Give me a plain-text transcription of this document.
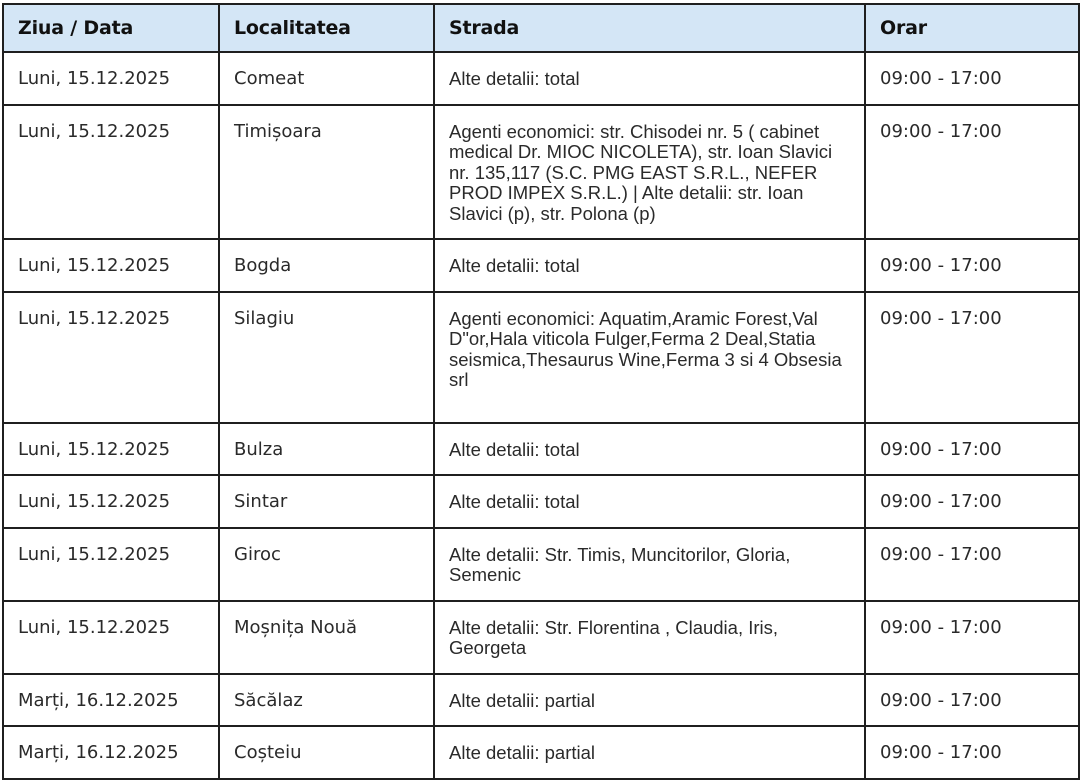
Ziua / Data	Localitatea	Strada	Orar
Luni, 15.12.2025	Comeat	Alte detalii: total	09:00 - 17:00
Luni, 15.12.2025	Timișoara	Agenti economici: str. Chisodei nr. 5 ( cabinet medical Dr. MIOC NICOLETA), str. Ioan Slavici nr. 135,117 (S.C. PMG EAST S.R.L., NEFER PROD IMPEX S.R.L.) | Alte detalii: str. Ioan Slavici (p), str. Polona (p)	09:00 - 17:00
Luni, 15.12.2025	Bogda	Alte detalii: total	09:00 - 17:00
Luni, 15.12.2025	Silagiu	Agenti economici: Aquatim,Aramic Forest,Val D"or,Hala viticola Fulger,Ferma 2 Deal,Statia seismica,Thesaurus Wine,Ferma 3 si 4 Obsesia srl	09:00 - 17:00
Luni, 15.12.2025	Bulza	Alte detalii: total	09:00 - 17:00
Luni, 15.12.2025	Sintar	Alte detalii: total	09:00 - 17:00
Luni, 15.12.2025	Giroc	Alte detalii: Str. Timis, Muncitorilor, Gloria, Semenic	09:00 - 17:00
Luni, 15.12.2025	Moșnița Nouă	Alte detalii: Str. Florentina , Claudia, Iris, Georgeta	09:00 - 17:00
Marți, 16.12.2025	Săcălaz	Alte detalii: partial	09:00 - 17:00
Marți, 16.12.2025	Coșteiu	Alte detalii: partial	09:00 - 17:00
